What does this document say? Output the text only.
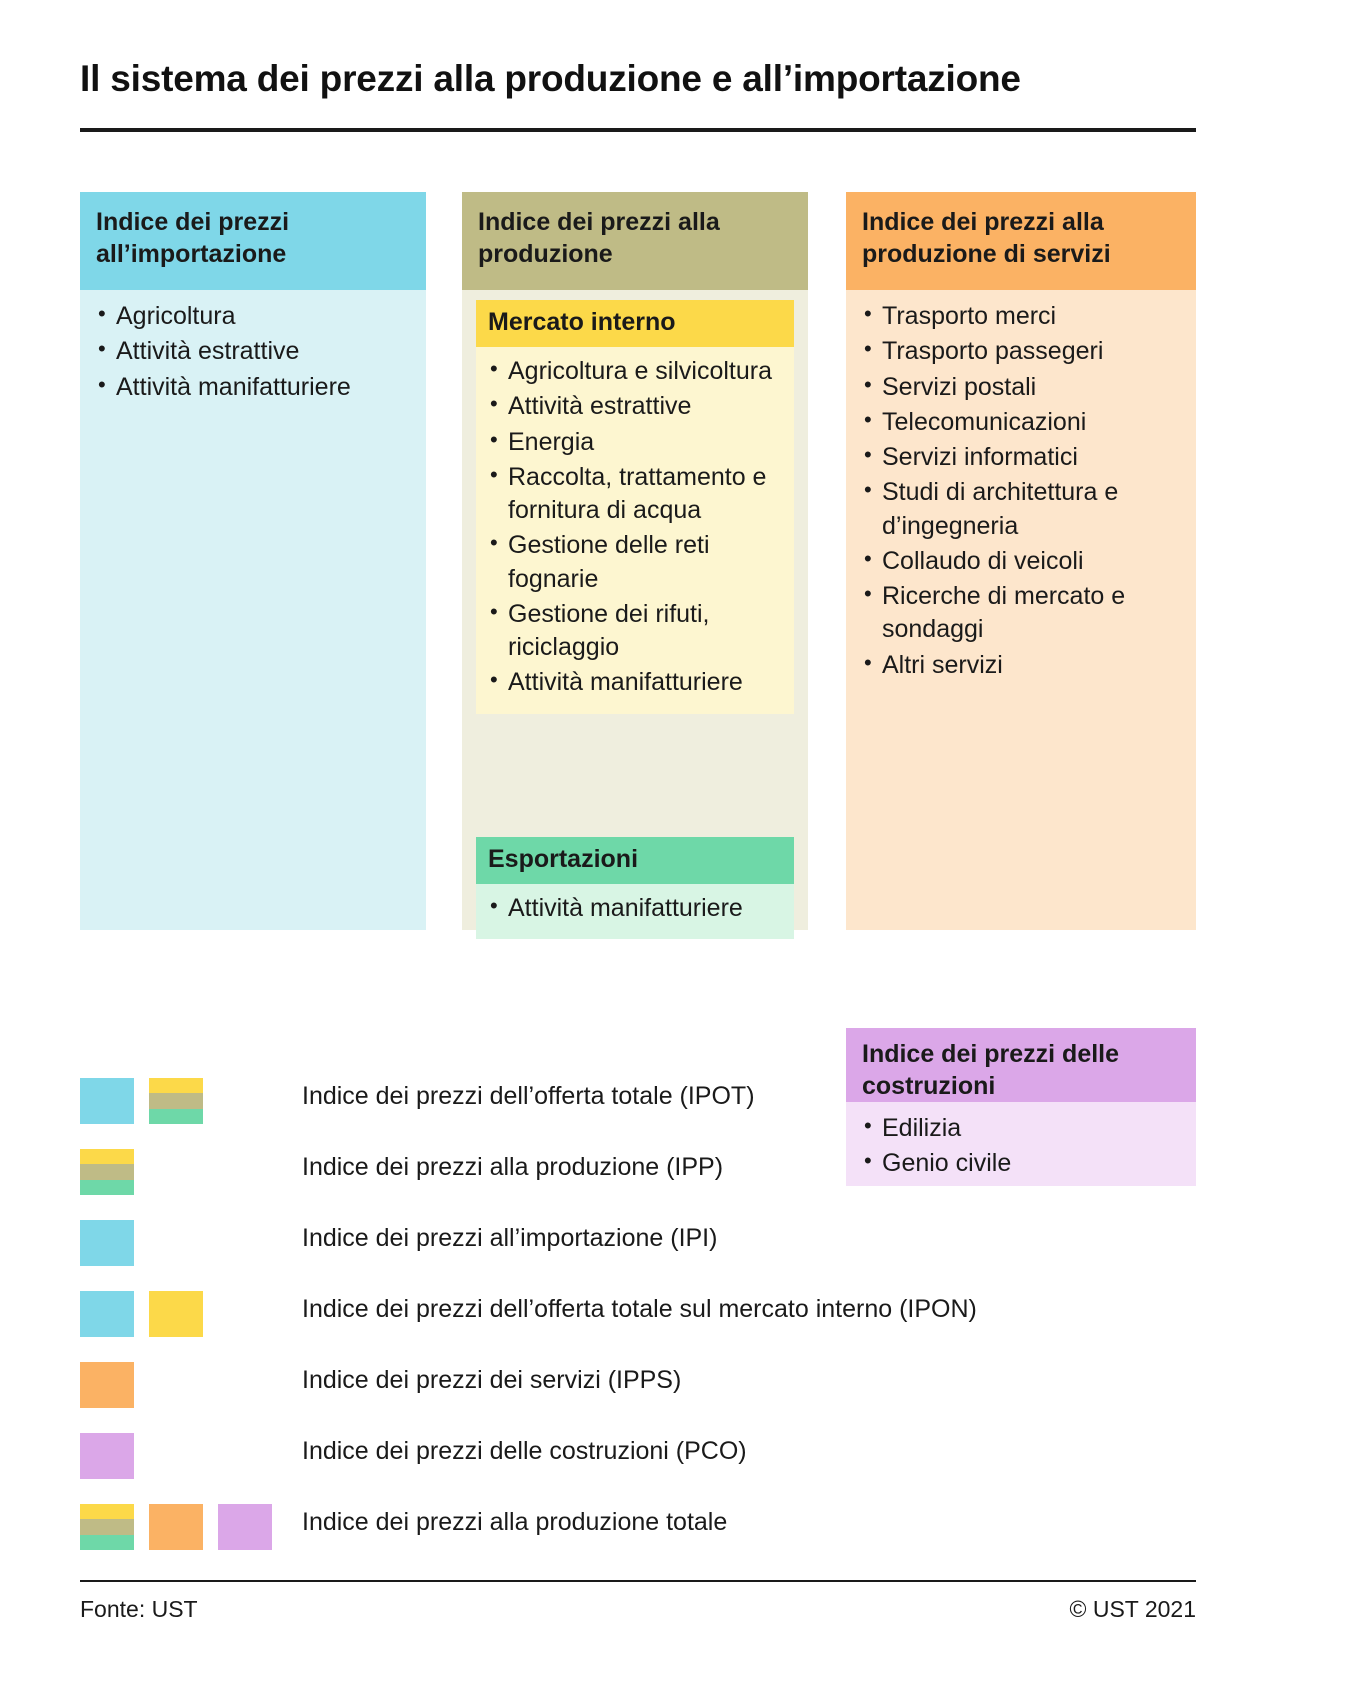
Il sistema dei prezzi alla produzione e all’importazione
Indice dei prezzi all’importazione
• Agricoltura
• Attività estrattive
• Attività manifatturiere
Indice dei prezzi alla produzione
Mercato interno
• Agricoltura e silvicoltura
• Attività estrattive
• Energia
• Raccolta, trattamento e fornitura di acqua
• Gestione delle reti fognarie
• Gestione dei rifuti, riciclaggio
• Attività manifatturiere
Esportazioni
• Attività manifatturiere
Indice dei prezzi alla produzione di servizi
• Trasporto merci
• Trasporto passegeri
• Servizi postali
• Telecomunicazioni
• Servizi informatici
• Studi di architettura e d’ingegneria
• Collaudo di veicoli
• Ricerche di mercato e sondaggi
• Altri servizi
Indice dei prezzi delle costruzioni
• Edilizia
• Genio civile
Indice dei prezzi dell’offerta totale (IPOT)
Indice dei prezzi alla produzione (IPP)
Indice dei prezzi all’importazione (IPI)
Indice dei prezzi dell’offerta totale sul mercato interno (IPON)
Indice dei prezzi dei servizi (IPPS)
Indice dei prezzi delle costruzioni (PCO)
Indice dei prezzi alla produzione totale
Fonte: UST	© UST 2021
